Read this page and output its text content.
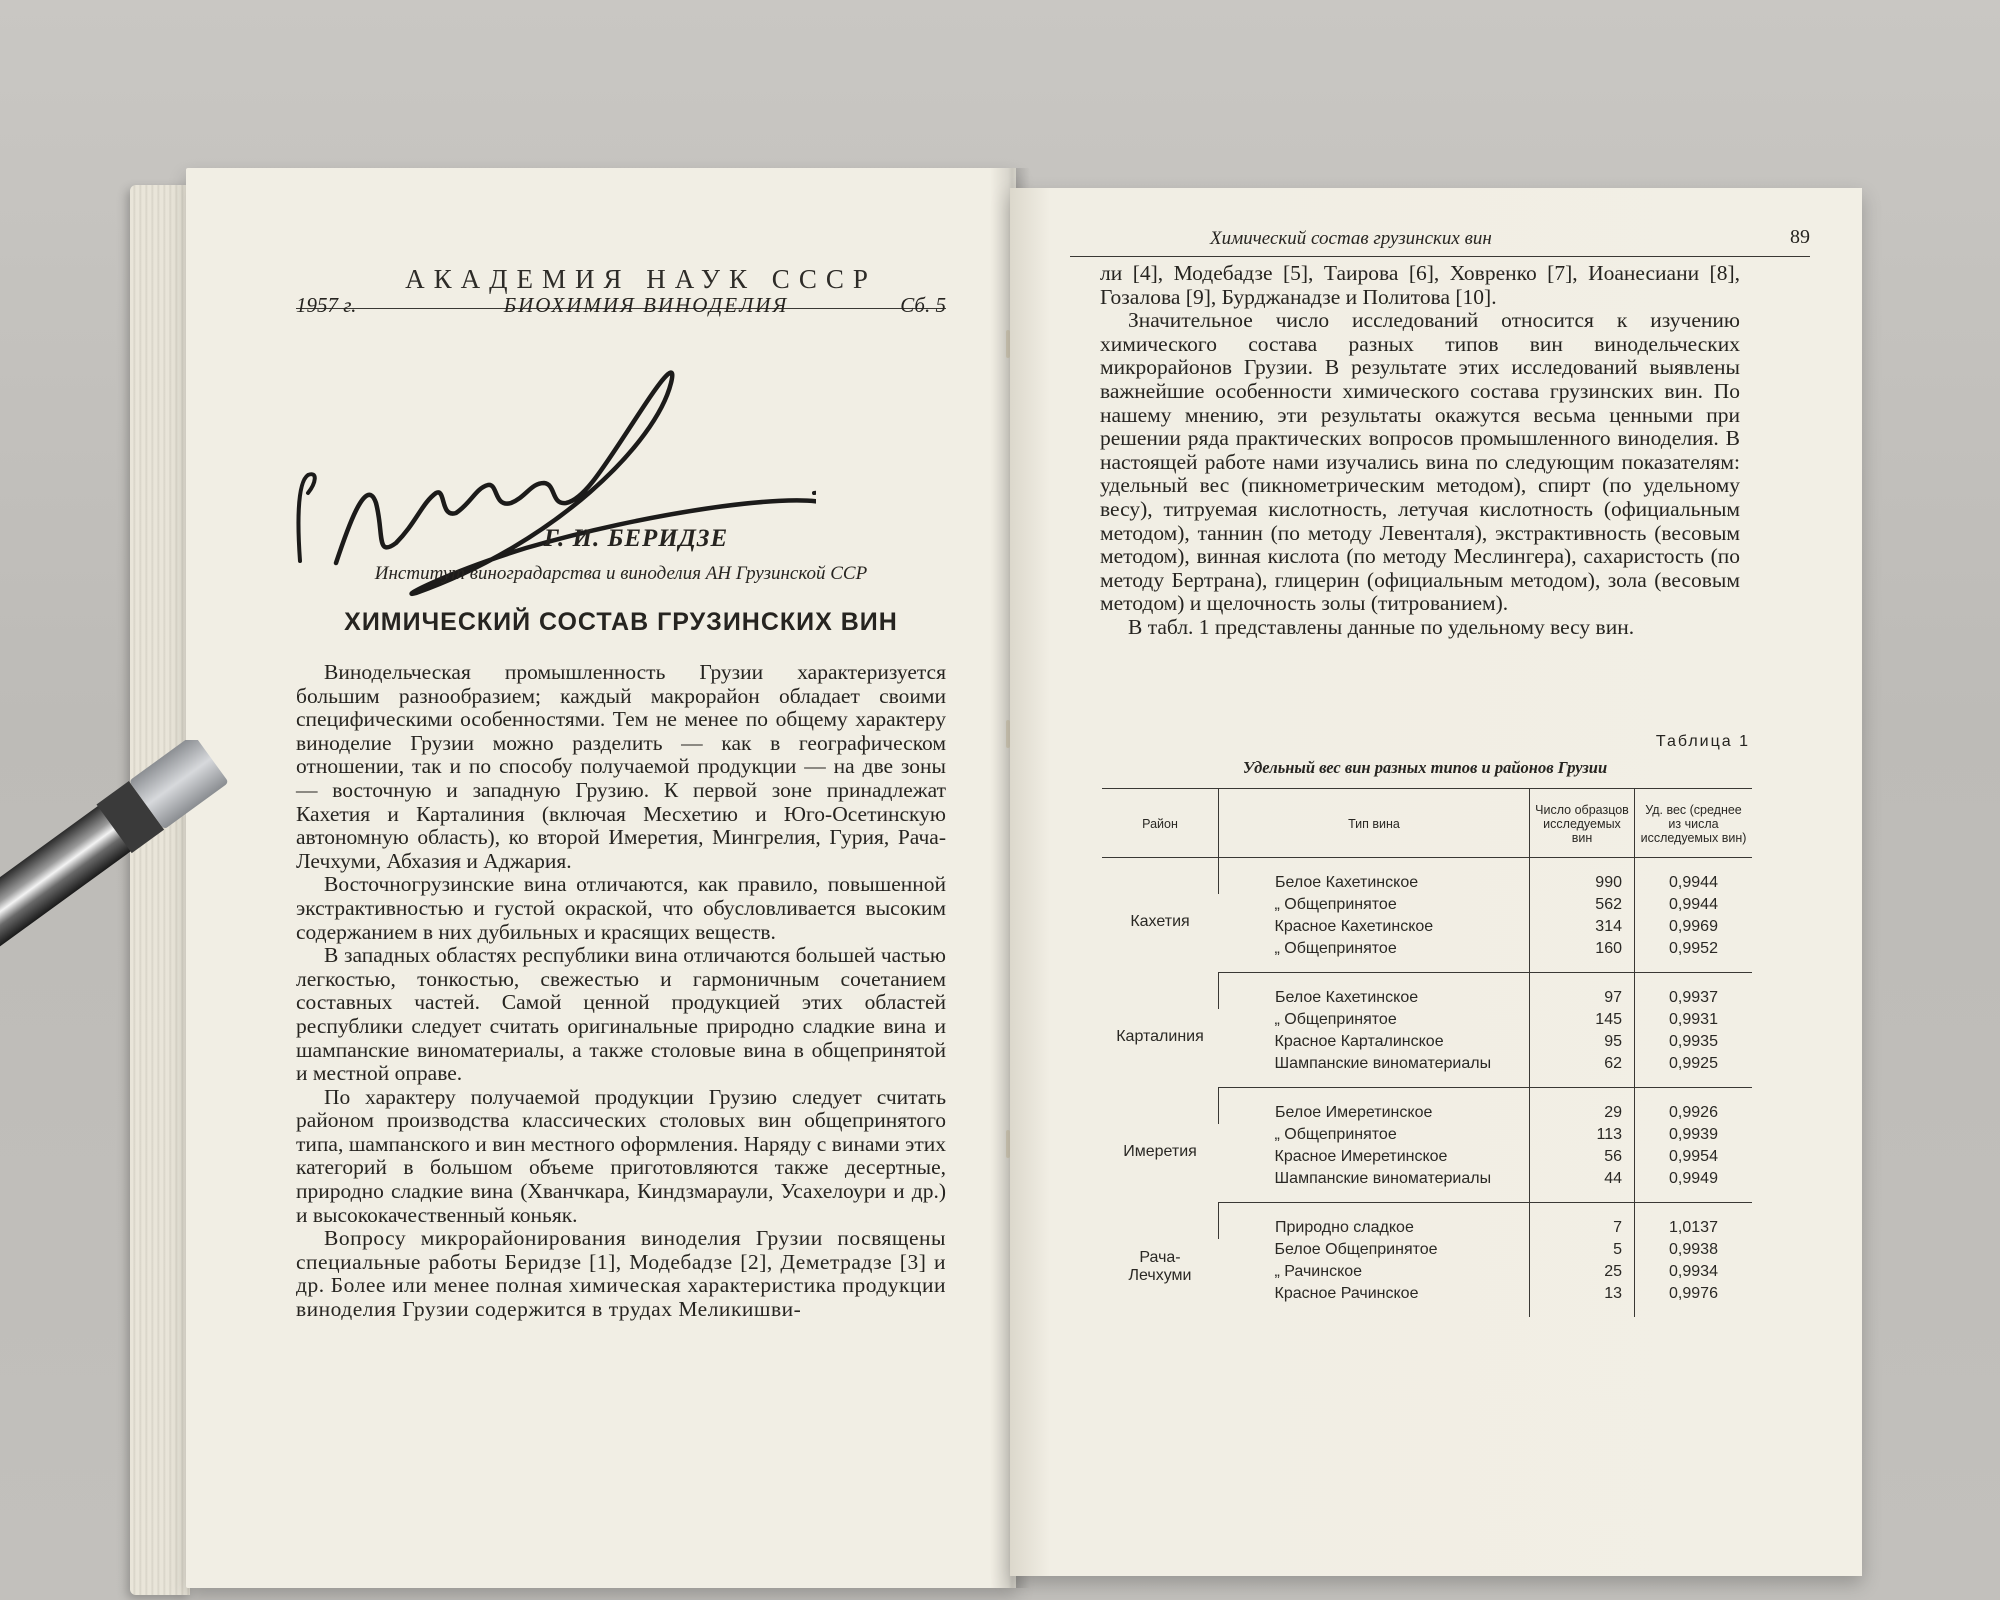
АКАДЕМИЯ НАУК СССР
1957 г.	БИОХИМИЯ ВИНОДЕЛИЯ	Сб. 5
Г. И. БЕРИДЗЕ
Институт виноградарства и виноделия АН Грузинской ССР
ХИМИЧЕСКИЙ СОСТАВ ГРУЗИНСКИХ ВИН

Винодельческая промышленность Грузии характеризуется большим разнообразием; каждый макрорайон обладает своими специфическими особенностями. Тем не менее по общему характеру виноделие Грузии можно разделить — как в географическом отношении, так и по способу получаемой продукции — на две зоны — восточную и западную Грузию. К первой зоне принадлежат Кахетия и Карталиния (включая Месхетию и Юго-Осетинскую автономную область), ко второй Имеретия, Мингрелия, Гурия, Рача-Лечхуми, Абхазия и Аджария.

Восточногрузинские вина отличаются, как правило, повышенной экстрактивностью и густой окраской, что обусловливается высоким содержанием в них дубильных и красящих веществ.

В западных областях республики вина отличаются большей частью легкостью, тонкостью, свежестью и гармоничным сочетанием составных частей. Самой ценной продукцией этих областей республики следует считать оригинальные природно сладкие вина и шампанские виноматериалы, а также столовые вина в общепринятой и местной оправе.

По характеру получаемой продукции Грузию следует считать районом производства классических столовых вин общепринятого типа, шампанского и вин местного оформления. Наряду с винами этих категорий в большом объеме приготовляются также десертные, природно сладкие вина (Хванчкара, Киндзмараули, Усахелоури и др.) и высококачественный коньяк.

Вопросу микрорайонирования виноделия Грузии посвящены специальные работы Беридзе [1], Модебадзе [2], Деметрадзе [3] и др. Более или менее полная химическая характеристика продукции виноделия Грузии содержится в трудах Меликишви-

Химический состав грузинских вин	89

ли [4], Модебадзе [5], Таирова [6], Ховренко [7], Иоанесиани [8], Гозалова [9], Бурджанадзе и Политова [10].

Значительное число исследований относится к изучению химического состава разных типов вин винодельческих микрорайонов Грузии. В результате этих исследований выявлены важнейшие особенности химического состава грузинских вин. По нашему мнению, эти результаты окажутся весьма ценными при решении ряда практических вопросов промышленного виноделия. В настоящей работе нами изучались вина по следующим показателям: удельный вес (пикнометрическим методом), спирт (по удельному весу), титруемая кислотность, летучая кислотность (официальным методом), таннин (по методу Левенталя), экстрактивность (весовым методом), винная кислота (по методу Меслингера), сахаристость (по методу Бертрана), глицерин (официальным методом), зола (весовым методом) и щелочность золы (титрованием).

В табл. 1 представлены данные по удельному весу вин.

Таблица 1
Удельный вес вин разных типов и районов Грузии
Район	Тип вина	Число образцов исследуемых вин	Уд. вес (среднее из числа исследуемых вин)
Кахетия	Белое Кахетинское	990	0,9944
	„ Общепринятое	562	0,9944
	Красное Кахетинское	314	0,9969
	„ Общепринятое	160	0,9952
Карталиния	Белое Кахетинское	97	0,9937
	„ Общепринятое	145	0,9931
	Красное Карталинское	95	0,9935
	Шампанские виноматериалы	62	0,9925
Имеретия	Белое Имеретинское	29	0,9926
	„ Общепринятое	113	0,9939
	Красное Имеретинское	56	0,9954
	Шампанские виноматериалы	44	0,9949
Рача-Лечхуми	Природно сладкое	7	1,0137
	Белое Общепринятое	5	0,9938
	„ Рачинское	25	0,9934
	Красное Рачинское	13	0,9976
